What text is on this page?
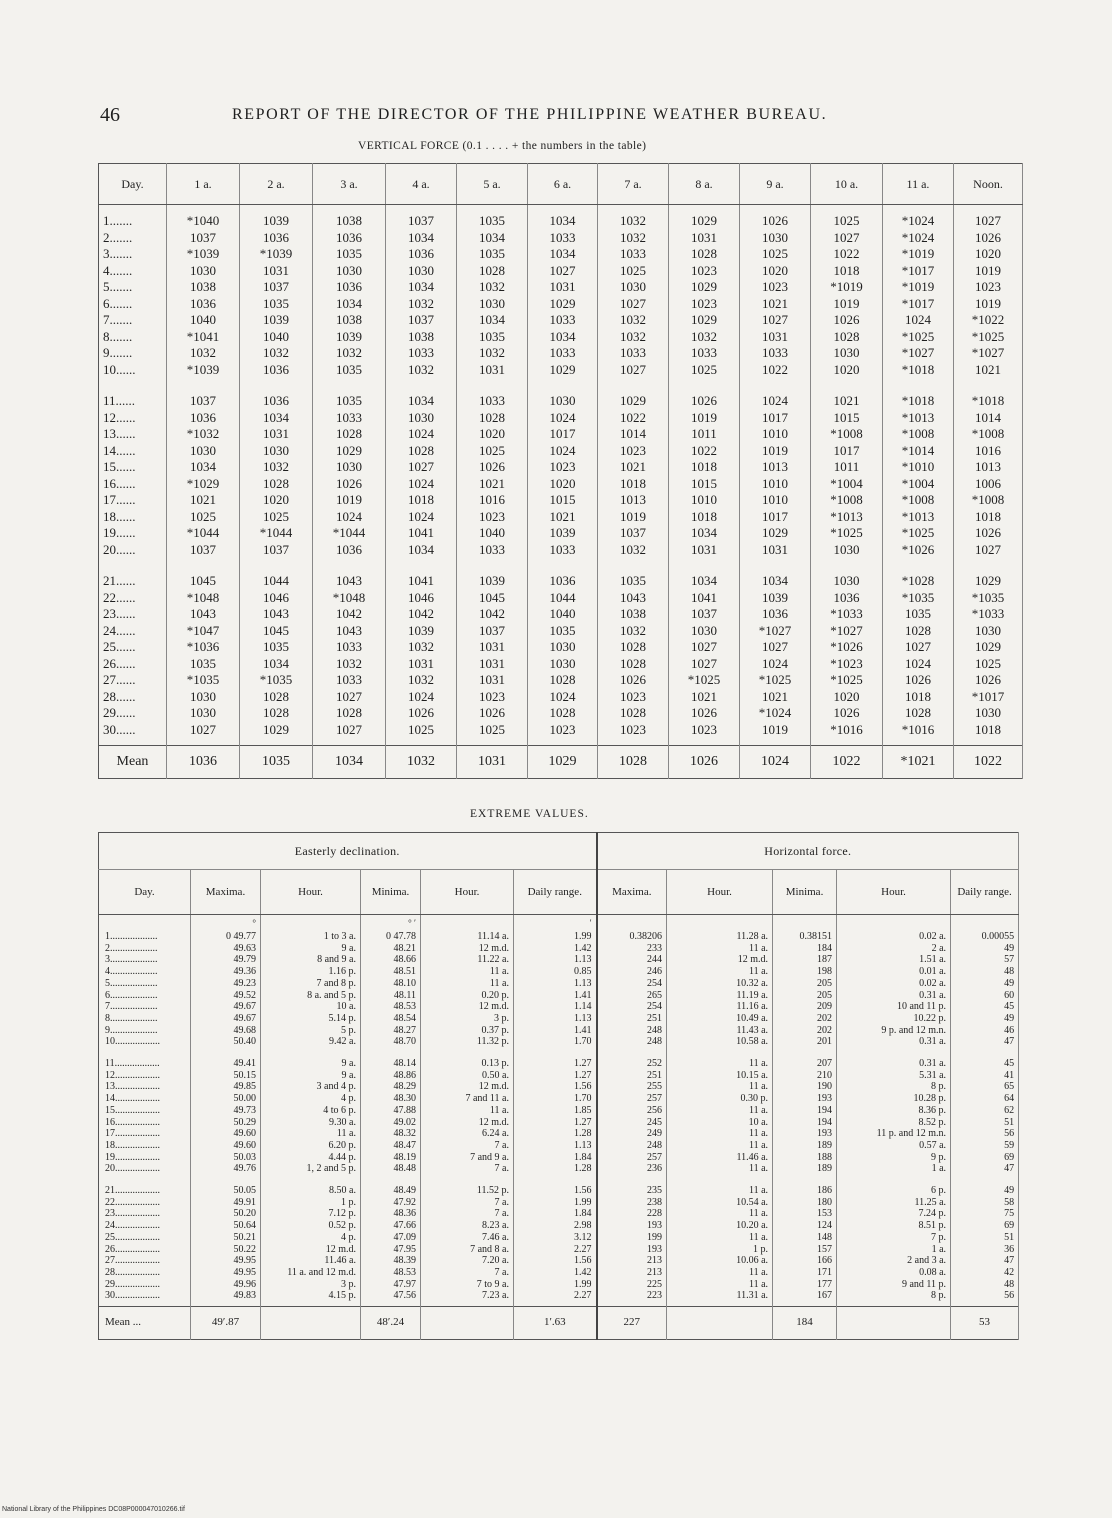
46	REPORT OF THE DIRECTOR OF THE PHILIPPINE WEATHER BUREAU.
VERTICAL FORCE (0.1 . . . . + the numbers in the table)
Day.	1 a.	2 a.	3 a.	4 a.	5 a.	6 a.	7 a.	8 a.	9 a.	10 a.	11 a.	Noon.
1.......	*1040	1039	1038	1037	1035	1034	1032	1029	1026	1025	*1024	1027
2.......	1037	1036	1036	1034	1034	1033	1032	1031	1030	1027	*1024	1026
3.......	*1039	*1039	1035	1036	1035	1034	1033	1028	1025	1022	*1019	1020
4.......	1030	1031	1030	1030	1028	1027	1025	1023	1020	1018	*1017	1019
5.......	1038	1037	1036	1034	1032	1031	1030	1029	1023	*1019	*1019	1023
6.......	1036	1035	1034	1032	1030	1029	1027	1023	1021	1019	*1017	1019
7.......	1040	1039	1038	1037	1034	1033	1032	1029	1027	1026	1024	*1022
8.......	*1041	1040	1039	1038	1035	1034	1032	1032	1031	1028	*1025	*1025
9.......	1032	1032	1032	1033	1032	1033	1033	1033	1033	1030	*1027	*1027
10......	*1039	1036	1035	1032	1031	1029	1027	1025	1022	1020	*1018	1021
11......	1037	1036	1035	1034	1033	1030	1029	1026	1024	1021	*1018	*1018
12......	1036	1034	1033	1030	1028	1024	1022	1019	1017	1015	*1013	1014
13......	*1032	1031	1028	1024	1020	1017	1014	1011	1010	*1008	*1008	*1008
14......	1030	1030	1029	1028	1025	1024	1023	1022	1019	1017	*1014	1016
15......	1034	1032	1030	1027	1026	1023	1021	1018	1013	1011	*1010	1013
16......	*1029	1028	1026	1024	1021	1020	1018	1015	1010	*1004	*1004	1006
17......	1021	1020	1019	1018	1016	1015	1013	1010	1010	*1008	*1008	*1008
18......	1025	1025	1024	1024	1023	1021	1019	1018	1017	*1013	*1013	1018
19......	*1044	*1044	*1044	1041	1040	1039	1037	1034	1029	*1025	*1025	1026
20......	1037	1037	1036	1034	1033	1033	1032	1031	1031	1030	*1026	1027
21......	1045	1044	1043	1041	1039	1036	1035	1034	1034	1030	*1028	1029
22......	*1048	1046	*1048	1046	1045	1044	1043	1041	1039	1036	*1035	*1035
23......	1043	1043	1042	1042	1042	1040	1038	1037	1036	*1033	1035	*1033
24......	*1047	1045	1043	1039	1037	1035	1032	1030	*1027	*1027	1028	1030
25......	*1036	1035	1033	1032	1031	1030	1028	1027	1027	*1026	1027	1029
26......	1035	1034	1032	1031	1031	1030	1028	1027	1024	*1023	1024	1025
27......	*1035	*1035	1033	1032	1031	1028	1026	*1025	*1025	*1025	1026	1026
28......	1030	1028	1027	1024	1023	1024	1023	1021	1021	1020	1018	*1017
29......	1030	1028	1028	1026	1026	1028	1028	1026	*1024	1026	1028	1030
30......	1027	1029	1027	1025	1025	1023	1023	1023	1019	*1016	*1016	1018
Mean	1036	1035	1034	1032	1031	1029	1028	1026	1024	1022	*1021	1022
EXTREME VALUES.
Easterly declination.						Horizontal force.				
Day.	Maxima.	Hour.	Minima.	Hour.	Daily range.	Maxima.	Hour.	Minima.	Hour.	Daily range.
	°		° ′		′					
1...................	0 49.77	1 to 3 a.	0 47.78	11.14 a.	1.99	0.38206	11.28 a.	0.38151	0.02 a.	0.00055
2...................	49.63	9 a.	48.21	12 m.d.	1.42	233	11 a.	184	2 a.	49
3...................	49.79	8 and 9 a.	48.66	11.22 a.	1.13	244	12 m.d.	187	1.51 a.	57
4...................	49.36	1.16 p.	48.51	11 a.	0.85	246	11 a.	198	0.01 a.	48
5...................	49.23	7 and 8 p.	48.10	11 a.	1.13	254	10.32 a.	205	0.02 a.	49
6...................	49.52	8 a. and 5 p.	48.11	0.20 p.	1.41	265	11.19 a.	205	0.31 a.	60
7...................	49.67	10 a.	48.53	12 m.d.	1.14	254	11.16 a.	209	10 and 11 p.	45
8...................	49.67	5.14 p.	48.54	3 p.	1.13	251	10.49 a.	202	10.22 p.	49
9...................	49.68	5 p.	48.27	0.37 p.	1.41	248	11.43 a.	202	9 p. and 12 m.n.	46
10..................	50.40	9.42 a.	48.70	11.32 p.	1.70	248	10.58 a.	201	0.31 a.	47
11..................	49.41	9 a.	48.14	0.13 p.	1.27	252	11 a.	207	0.31 a.	45
12..................	50.15	9 a.	48.86	0.50 a.	1.27	251	10.15 a.	210	5.31 a.	41
13..................	49.85	3 and 4 p.	48.29	12 m.d.	1.56	255	11 a.	190	8 p.	65
14..................	50.00	4 p.	48.30	7 and 11 a.	1.70	257	0.30 p.	193	10.28 p.	64
15..................	49.73	4 to 6 p.	47.88	11 a.	1.85	256	11 a.	194	8.36 p.	62
16..................	50.29	9.30 a.	49.02	12 m.d.	1.27	245	10 a.	194	8.52 p.	51
17..................	49.60	11 a.	48.32	6.24 a.	1.28	249	11 a.	193	11 p. and 12 m.n.	56
18..................	49.60	6.20 p.	48.47	7 a.	1.13	248	11 a.	189	0.57 a.	59
19..................	50.03	4.44 p.	48.19	7 and 9 a.	1.84	257	11.46 a.	188	9 p.	69
20..................	49.76	1, 2 and 5 p.	48.48	7 a.	1.28	236	11 a.	189	1 a.	47
21..................	50.05	8.50 a.	48.49	11.52 p.	1.56	235	11 a.	186	6 p.	49
22..................	49.91	1 p.	47.92	7 a.	1.99	238	10.54 a.	180	11.25 a.	58
23..................	50.20	7.12 p.	48.36	7 a.	1.84	228	11 a.	153	7.24 p.	75
24..................	50.64	0.52 p.	47.66	8.23 a.	2.98	193	10.20 a.	124	8.51 p.	69
25..................	50.21	4 p.	47.09	7.46 a.	3.12	199	11 a.	148	7 p.	51
26..................	50.22	12 m.d.	47.95	7 and 8 a.	2.27	193	1 p.	157	1 a.	36
27..................	49.95	11.46 a.	48.39	7.20 a.	1.56	213	10.06 a.	166	2 and 3 a.	47
28..................	49.95	11 a. and 12 m.d.	48.53	7 a.	1.42	213	11 a.	171	0.08 a.	42
29..................	49.96	3 p.	47.97	7 to 9 a.	1.99	225	11 a.	177	9 and 11 p.	48
30..................	49.83	4.15 p.	47.56	7.23 a.	2.27	223	11.31 a.	167	8 p.	56
Mean ...	49′.87		48′.24		1′.63	227		184		53
National Library of the Philippines DC08P000047010266.tif
